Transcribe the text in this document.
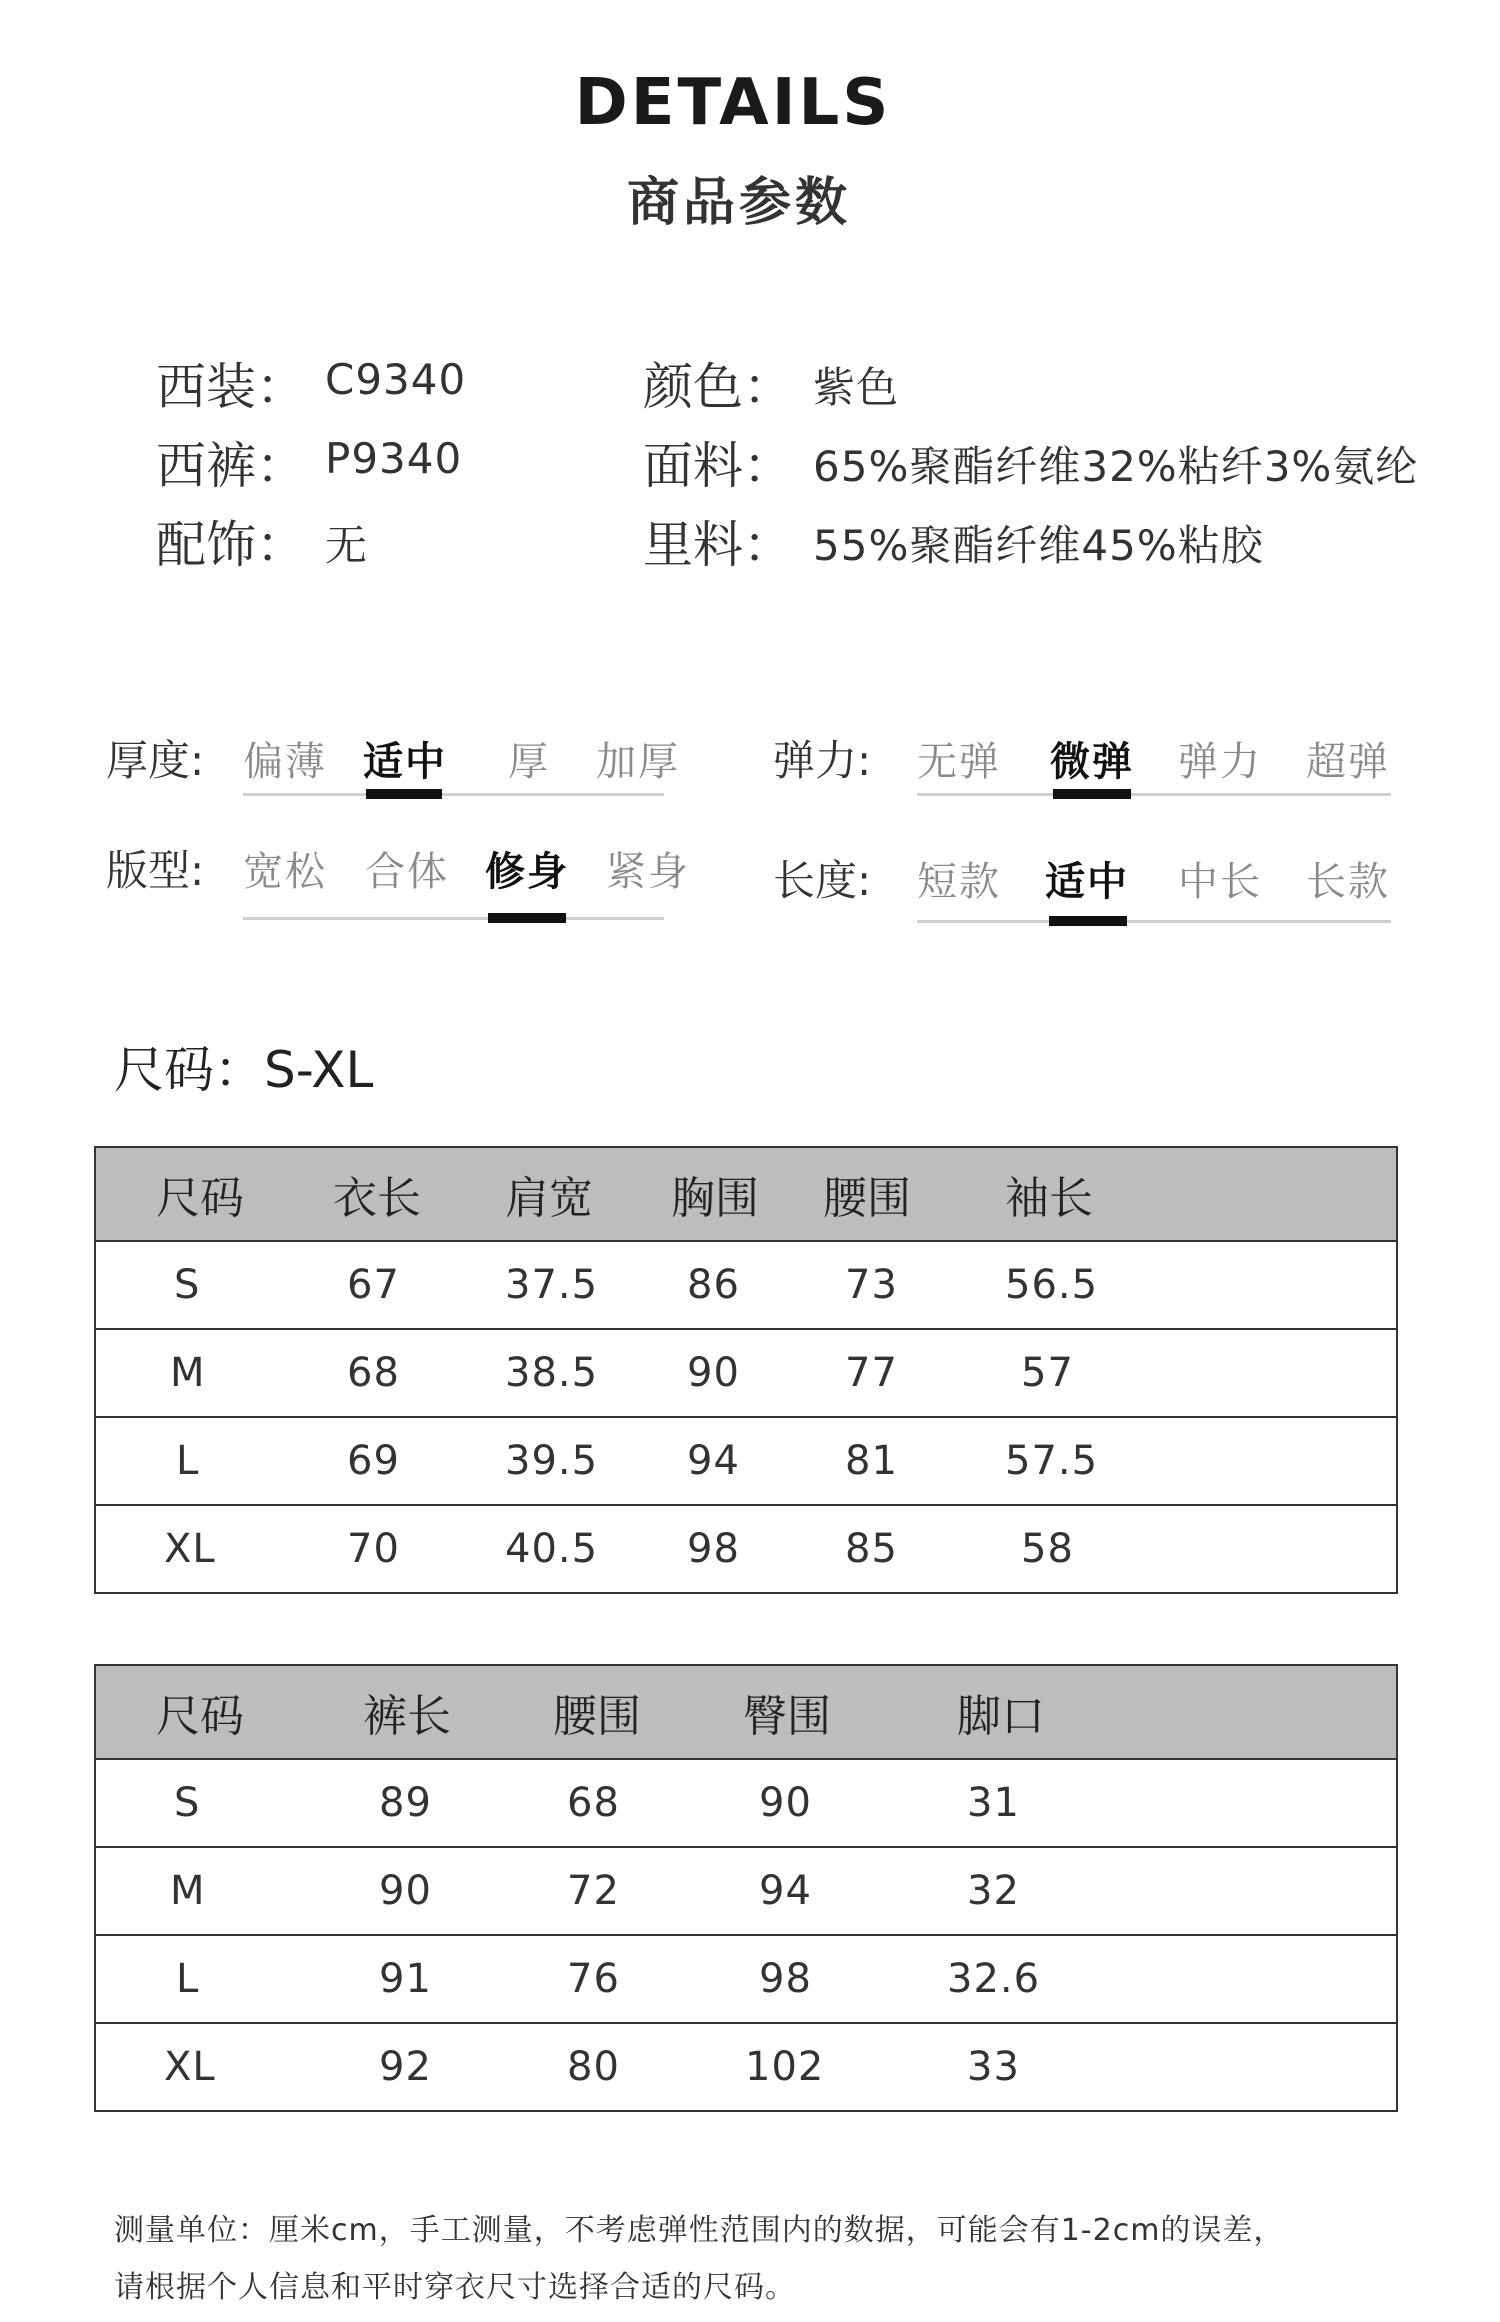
DETAILS
商品参数
西装： C9340
西裤： P9340
配饰： 无
颜色： 紫色
面料： 65%聚酯纤维32%粘纤3%氨纶
里料： 55%聚酯纤维45%粘胶
厚度: 偏薄 适中 厚 加厚 弹力: 无弹 微弹 弹力 超弹
版型: 宽松 合体 修身 紧身 长度: 短款 适中 中长 长款
尺码：S-XL
尺码	衣长	肩宽	胸围	腰围	袖长
S	67	37.5	86	73	56.5
M	68	38.5	90	77	57
L	69	39.5	94	81	57.5
XL	70	40.5	98	85	58
尺码	裤长	腰围	臀围	脚口
S	89	68	90	31
M	90	72	94	32
L	91	76	98	32.6
XL	92	80	102	33
测量单位：厘米cm，手工测量，不考虑弹性范围内的数据，可能会有1-2cm的误差，
请根据个人信息和平时穿衣尺寸选择合适的尺码。
